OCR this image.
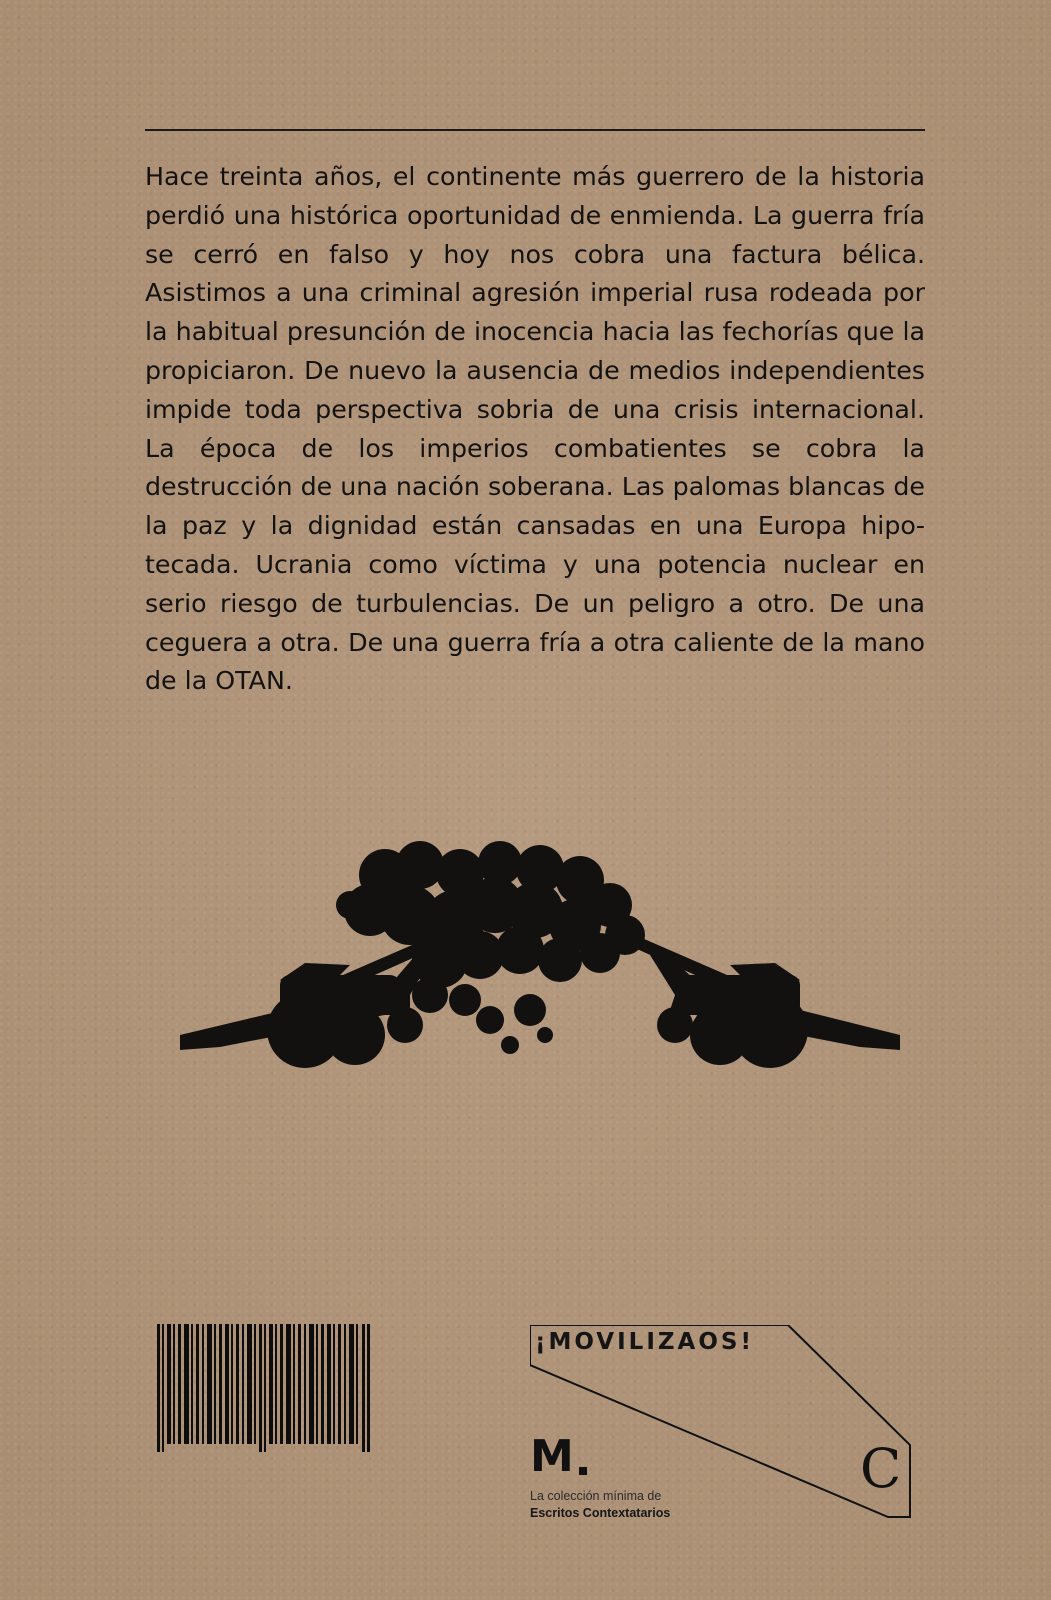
Hace treinta años, el continente más guerrero de la historia perdió una histórica oportunidad de enmienda. La guerra fría se cerró en falso y hoy nos cobra una factura bélica. Asistimos a una criminal agresión imperial rusa rodeada por la habitual presunción de inocencia hacia las fechorías que la propiciaron. De nuevo la ausencia de medios independientes impide toda perspectiva sobria de una crisis internacional. La época de los imperios combatientes se cobra la destrucción de una nación soberana. Las palomas blancas de la paz y la dignidad están cansadas en una Europa hipotecada. Ucrania como víctima y una potencia nuclear en serio riesgo de turbulencias. De un peligro a otro. De una ceguera a otra. De una guerra fría a otra caliente de la mano de la OTAN.

¡MOVILIZAOS!

M

La colección mínima de

Escritos Contextatarios

C
